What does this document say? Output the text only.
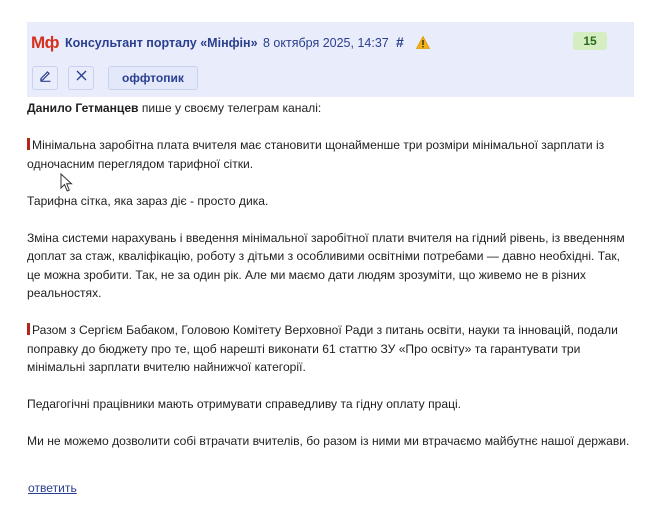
Мф Консультант порталу «Мінфін» 8 октября 2025, 14:37 #	15
оффтопик

Данило Гетманцев пише у своєму телеграм каналі:

Мінімальна заробітна плата вчителя має становити щонайменше три розміри мінімальної зарплати із одночасним переглядом тарифної сітки.

Тарифна сітка, яка зараз діє - просто дика.

Зміна системи нарахувань і введення мінімальної заробітної плати вчителя на гідний рівень, із введенням доплат за стаж, кваліфікацію, роботу з дітьми з особливими освітніми потребами — давно необхідні. Так, це можна зробити. Так, не за один рік. Але ми маємо дати людям зрозуміти, що живемо не в різних реальностях.

Разом з Сергієм Бабаком, Головою Комітету Верховної Ради з питань освіти, науки та інновацій, подали поправку до бюджету про те, щоб нарешті виконати 61 статтю ЗУ «Про освіту» та гарантувати три мінімальні зарплати вчителю найнижчої категорії.

Педагогічні працівники мають отримувати справедливу та гідну оплату праці.

Ми не можемо дозволити собі втрачати вчителів, бо разом із ними ми втрачаємо майбутнє нашої держави.

ответить
